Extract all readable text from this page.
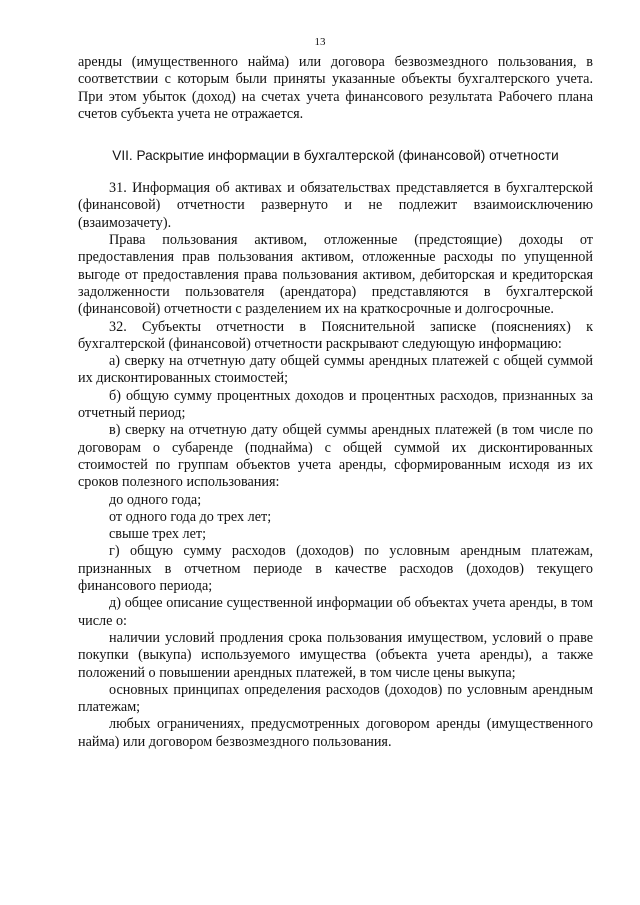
13

аренды (имущественного найма) или договора безвозмездного пользования, в соответствии с которым были приняты указанные объекты бухгалтерского учета. При этом убыток (доход) на счетах учета финансового результата Рабочего плана счетов субъекта учета не отражается.

VII. Раскрытие информации в бухгалтерской (финансовой) отчетности

31. Информация об активах и обязательствах представляется в бухгалтерской (финансовой) отчетности развернуто и не подлежит взаимоисключению (взаимозачету).

Права пользования активом, отложенные (предстоящие) доходы от предоставления прав пользования активом, отложенные расходы по упущенной выгоде от предоставления права пользования активом, дебиторская и кредиторская задолженности пользователя (арендатора) представляются в бухгалтерской (финансовой) отчетности с разделением их на краткосрочные и долгосрочные.

32. Субъекты отчетности в Пояснительной записке (пояснениях) к бухгалтерской (финансовой) отчетности раскрывают следующую информацию:

а) сверку на отчетную дату общей суммы арендных платежей с общей суммой их дисконтированных стоимостей;

б) общую сумму процентных доходов и процентных расходов, признанных за отчетный период;

в) сверку на отчетную дату общей суммы арендных платежей (в том числе по договорам о субаренде (поднайма) с общей суммой их дисконтированных стоимостей по группам объектов учета аренды, сформированным исходя из их сроков полезного использования:

до одного года;

от одного года до трех лет;

свыше трех лет;

г) общую сумму расходов (доходов) по условным арендным платежам, признанных в отчетном периоде в качестве расходов (доходов) текущего финансового периода;

д) общее описание существенной информации об объектах учета аренды, в том числе о:

наличии условий продления срока пользования имуществом, условий о праве покупки (выкупа) используемого имущества (объекта учета аренды), а также положений о повышении арендных платежей, в том числе цены выкупа;

основных принципах определения расходов (доходов) по условным арендным платежам;

любых ограничениях, предусмотренных договором аренды (имущественного найма) или договором безвозмездного пользования.
